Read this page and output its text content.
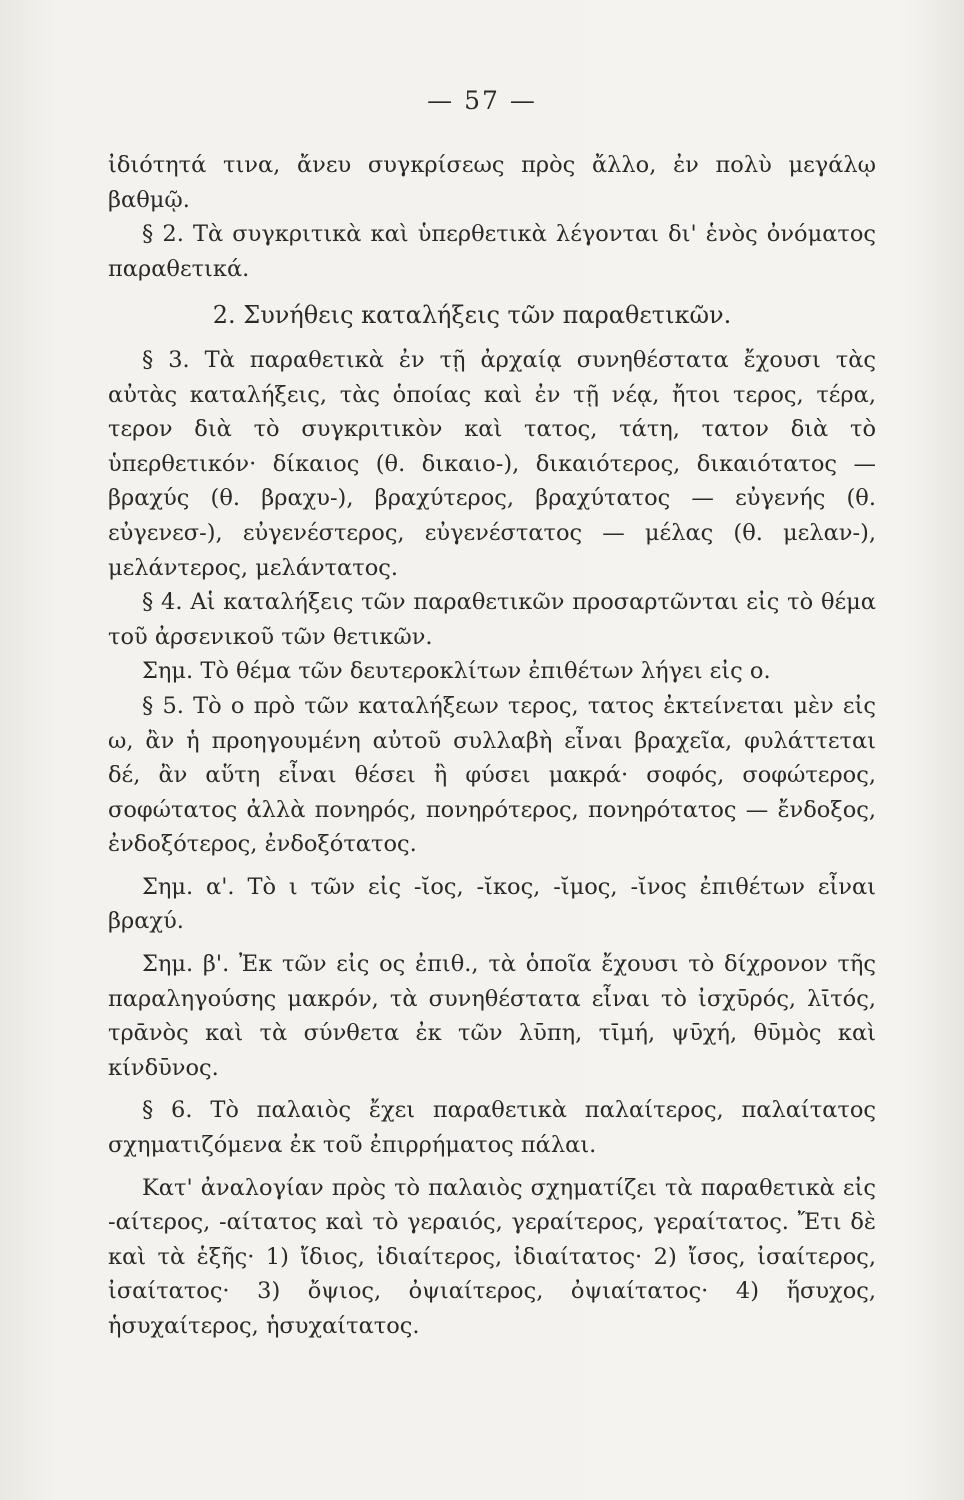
— 57 —

ἰδιότητά τινα, ἄνευ συγκρίσεως πρὸς ἄλλο, ἐν πολὺ μεγάλῳ βαθμῷ.

§ 2. Τὰ συγκριτικὰ καὶ ὑπερθετικὰ λέγονται δι' ἑνὸς ὀνόματος παραθετικά.

2. Συνήθεις καταλήξεις τῶν παραθετικῶν.

§ 3. Τὰ παραθετικὰ ἐν τῇ ἀρχαίᾳ συνηθέστατα ἔχουσι τὰς αὐτὰς καταλήξεις, τὰς ὁποίας καὶ ἐν τῇ νέᾳ, ἤτοι τερος, τέρα, τερον διὰ τὸ συγκριτικὸν καὶ τατος, τάτη, τατον διὰ τὸ ὑπερθετικόν· δίκαιος (θ. δικαιο-), δικαιότερος, δικαιότατος — βραχύς (θ. βραχυ-), βραχύτερος, βραχύτατος — εὐγενής (θ. εὐγενεσ-), εὐγενέστερος, εὐγενέστατος — μέλας (θ. μελαν-), μελάντερος, μελάντατος.

§ 4. Αἱ καταλήξεις τῶν παραθετικῶν προσαρτῶνται εἰς τὸ θέμα τοῦ ἀρσενικοῦ τῶν θετικῶν.

Σημ. Τὸ θέμα τῶν δευτεροκλίτων ἐπιθέτων λήγει εἰς ο.

§ 5. Τὸ ο πρὸ τῶν καταλήξεων τερος, τατος ἐκτείνεται μὲν εἰς ω, ἂν ἡ προηγουμένη αὐτοῦ συλλαβὴ εἶναι βραχεῖα, φυλάττεται δέ, ἂν αὕτη εἶναι θέσει ἢ φύσει μακρά· σοφός, σοφώτερος, σοφώτατος ἀλλὰ πονηρός, πονηρότερος, πονηρότατος — ἔνδοξος, ἐνδοξότερος, ἐνδοξότατος.

Σημ. α'. Τὸ ι τῶν εἰς -ῐος, -ῐκος, -ῐμος, -ῐνος ἐπιθέτων εἶναι βραχύ.

Σημ. β'. Ἐκ τῶν εἰς ος ἐπιθ., τὰ ὁποῖα ἔχουσι τὸ δίχρονον τῆς παραληγούσης μακρόν, τὰ συνηθέστατα εἶναι τὸ ἰσχῡρός, λῑτός, τρᾱνὸς καὶ τὰ σύνθετα ἐκ τῶν λῡπη, τῑμή, ψῡχή, θῡμὸς καὶ κίνδῡνος.

§ 6. Τὸ παλαιὸς ἔχει παραθετικὰ παλαίτερος, παλαίτατος σχηματιζόμενα ἐκ τοῦ ἐπιρρήματος πάλαι.

Κατ' ἀναλογίαν πρὸς τὸ παλαιὸς σχηματίζει τὰ παραθετικὰ εἰς -αίτερος, -αίτατος καὶ τὸ γεραιός, γεραίτερος, γεραίτατος. Ἔτι δὲ καὶ τὰ ἑξῆς· 1) ἴδιος, ἰδιαίτερος, ἰδιαίτατος· 2) ἴσος, ἰσαίτερος, ἰσαίτατος· 3) ὄψιος, ὀψιαίτερος, ὀψιαίτατος· 4) ἥσυχος, ἡσυχαίτερος, ἡσυχαίτατος.
